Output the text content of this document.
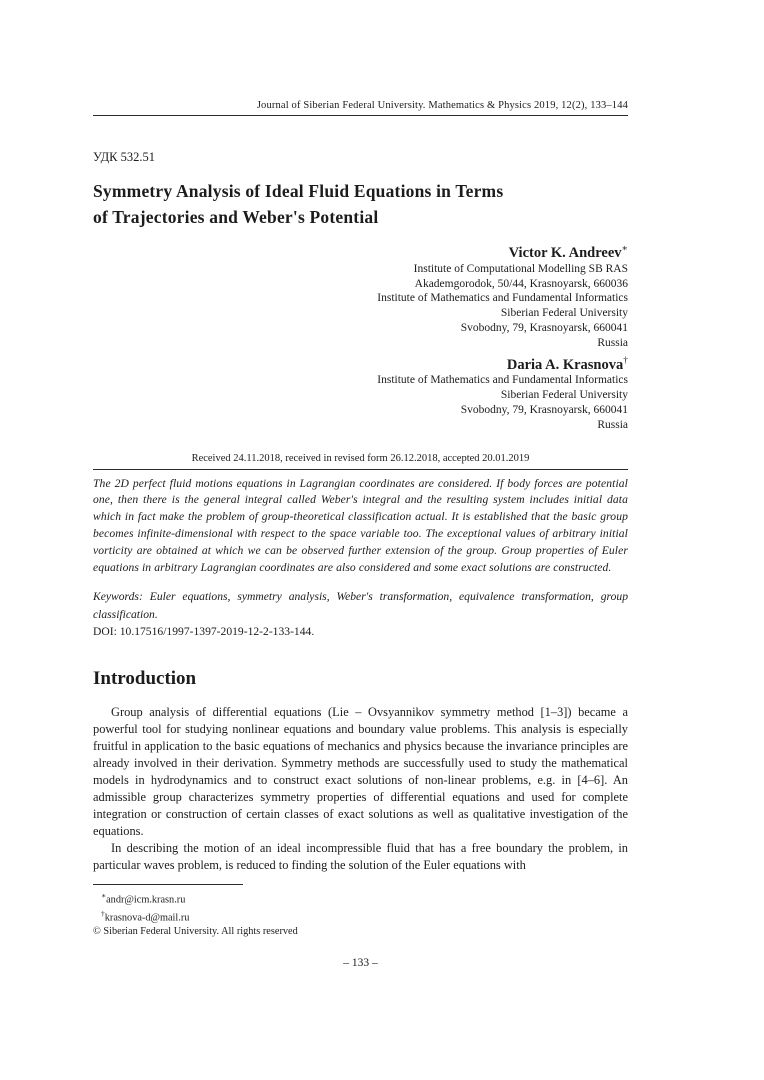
Journal of Siberian Federal University. Mathematics & Physics 2019, 12(2), 133–144
УДК 532.51
Symmetry Analysis of Ideal Fluid Equations in Terms
of Trajectories and Weber's Potential
Victor K. Andreev∗
Institute of Computational Modelling SB RAS
Akademgorodok, 50/44, Krasnoyarsk, 660036
Institute of Mathematics and Fundamental Informatics
Siberian Federal University
Svobodny, 79, Krasnoyarsk, 660041
Russia
Daria A. Krasnova†
Institute of Mathematics and Fundamental Informatics
Siberian Federal University
Svobodny, 79, Krasnoyarsk, 660041
Russia
Received 24.11.2018, received in revised form 26.12.2018, accepted 20.01.2019
The 2D perfect fluid motions equations in Lagrangian coordinates are considered. If body forces are potential one, then there is the general integral called Weber's integral and the resulting system includes initial data which in fact make the problem of group-theoretical classification actual. It is established that the basic group becomes infinite-dimensional with respect to the space variable too. The exceptional values of arbitrary initial vorticity are obtained at which we can be observed further extension of the group. Group properties of Euler equations in arbitrary Lagrangian coordinates are also considered and some exact solutions are constructed.
Keywords: Euler equations, symmetry analysis, Weber's transformation, equivalence transformation, group classification.
DOI: 10.17516/1997-1397-2019-12-2-133-144.
Introduction
Group analysis of differential equations (Lie – Ovsyannikov symmetry method [1–3]) became a powerful tool for studying nonlinear equations and boundary value problems. This analysis is especially fruitful in application to the basic equations of mechanics and physics because the invariance principles are already involved in their derivation. Symmetry methods are successfully used to study the mathematical models in hydrodynamics and to construct exact solutions of non-linear problems, e.g. in [4–6]. An admissible group characterizes symmetry properties of differential equations and used for complete integration or construction of certain classes of exact solutions as well as qualitative investigation of the equations.
In describing the motion of an ideal incompressible fluid that has a free boundary the problem, in particular waves problem, is reduced to finding the solution of the Euler equations with
∗andr@icm.krasn.ru
†krasnova-d@mail.ru
© Siberian Federal University. All rights reserved
– 133 –
